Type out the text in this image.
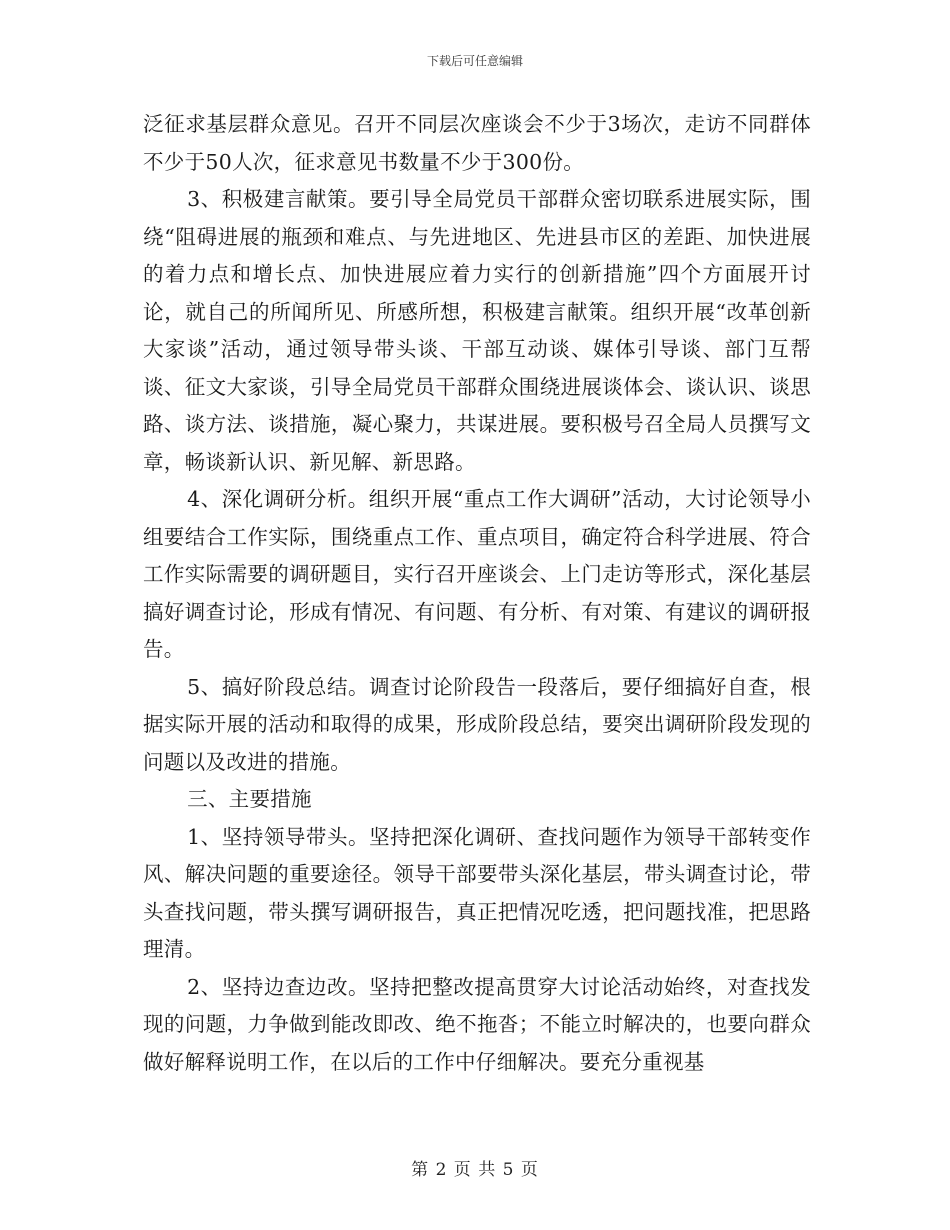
下载后可任意编辑

泛征求基层群众意见。召开不同层次座谈会不少于3场次，走访不同群体不少于50人次，征求意见书数量不少于300份。

3、积极建言献策。要引导全局党员干部群众密切联系进展实际，围绕“阻碍进展的瓶颈和难点、与先进地区、先进县市区的差距、加快进展的着力点和增长点、加快进展应着力实行的创新措施”四个方面展开讨论，就自己的所闻所见、所感所想，积极建言献策。组织开展“改革创新大家谈”活动，通过领导带头谈、干部互动谈、媒体引导谈、部门互帮谈、征文大家谈，引导全局党员干部群众围绕进展谈体会、谈认识、谈思路、谈方法、谈措施，凝心聚力，共谋进展。要积极号召全局人员撰写文章，畅谈新认识、新见解、新思路。

4、深化调研分析。组织开展“重点工作大调研”活动，大讨论领导小组要结合工作实际，围绕重点工作、重点项目，确定符合科学进展、符合工作实际需要的调研题目，实行召开座谈会、上门走访等形式，深化基层搞好调查讨论，形成有情况、有问题、有分析、有对策、有建议的调研报告。

5、搞好阶段总结。调查讨论阶段告一段落后，要仔细搞好自查，根据实际开展的活动和取得的成果，形成阶段总结，要突出调研阶段发现的问题以及改进的措施。

三、主要措施

1、坚持领导带头。坚持把深化调研、查找问题作为领导干部转变作风、解决问题的重要途径。领导干部要带头深化基层，带头调查讨论，带头查找问题，带头撰写调研报告，真正把情况吃透，把问题找准，把思路理清。

2、坚持边查边改。坚持把整改提高贯穿大讨论活动始终，对查找发现的问题，力争做到能改即改、绝不拖沓；不能立时解决的，也要向群众做好解释说明工作，在以后的工作中仔细解决。要充分重视基

第 2 页 共 5 页
